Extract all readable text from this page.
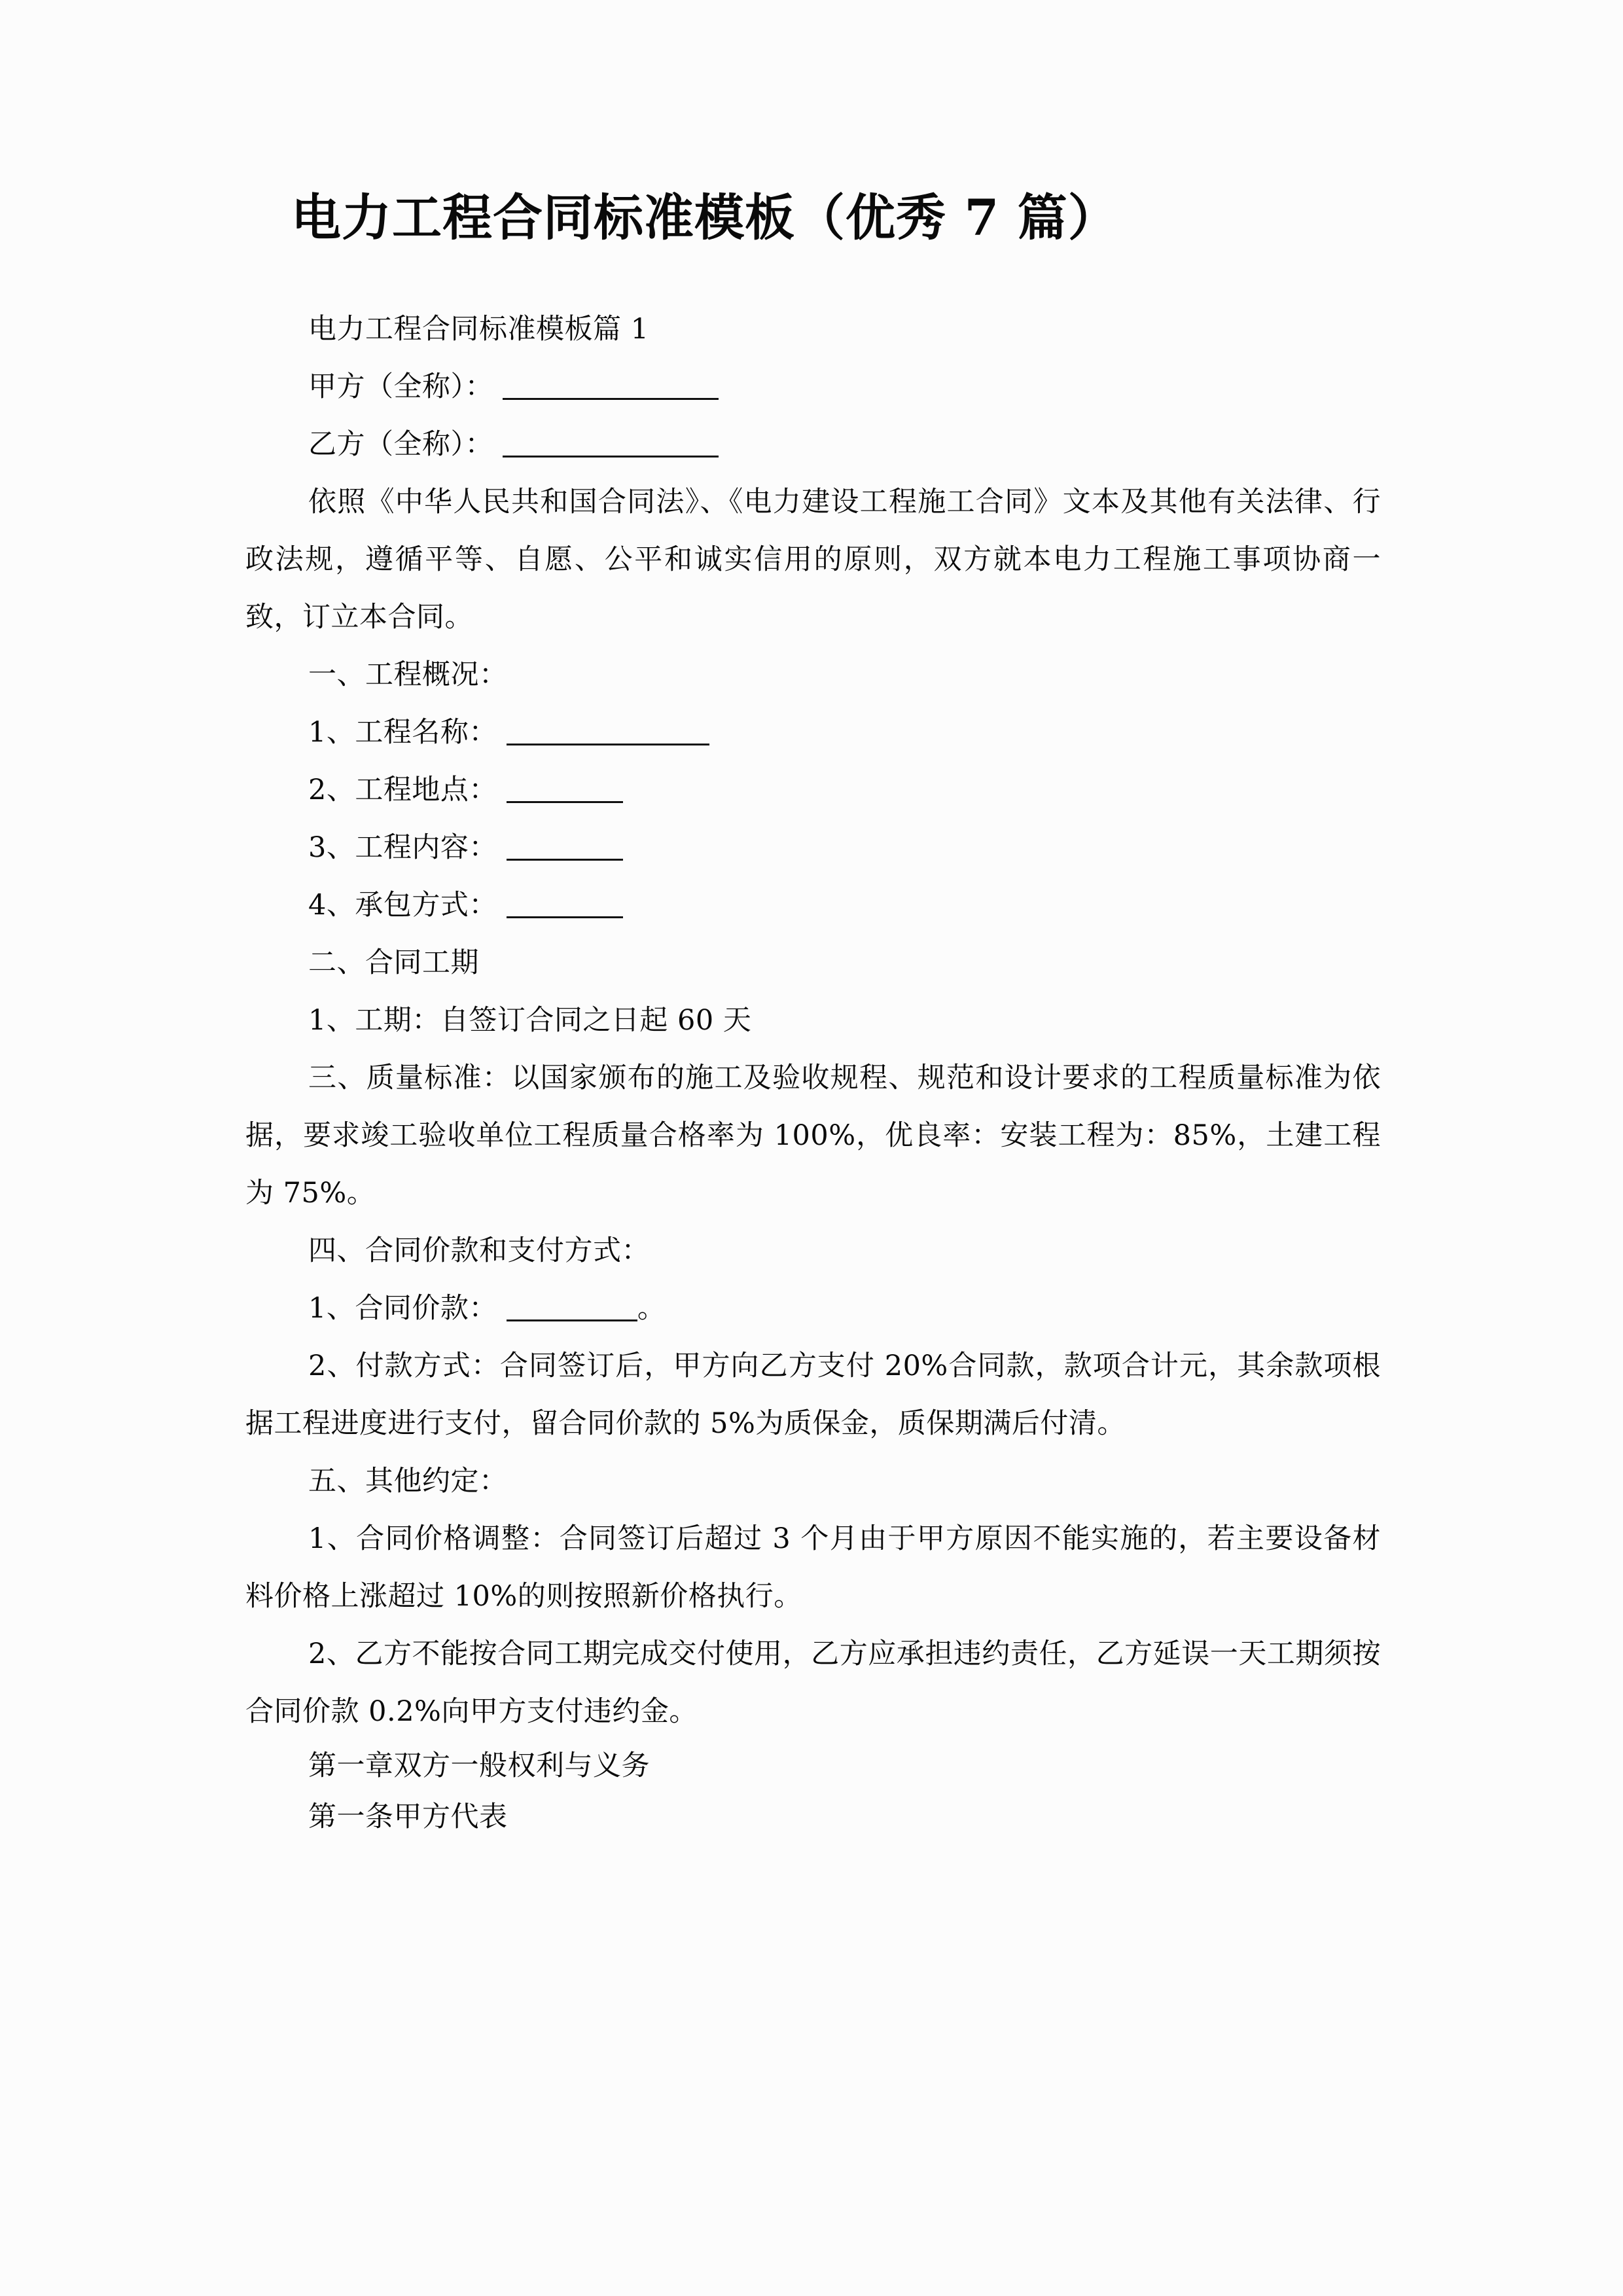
电力工程合同标准模板（优秀 7 篇）

电力工程合同标准模板篇 1

甲方（全称）：

乙方（全称）：

依照《中华人民共和国合同法》、《电力建设工程施工合同》文本及其他有关法律、行政法规，遵循平等、自愿、公平和诚实信用的原则，双方就本电力工程施工事项协商一致，订立本合同。

一、工程概况：

1、工程名称：

2、工程地点：

3、工程内容：

4、承包方式：

二、合同工期

1、工期：自签订合同之日起 60 天

三、质量标准：以国家颁布的施工及验收规程、规范和设计要求的工程质量标准为依据，要求竣工验收单位工程质量合格率为 100%，优良率：安装工程为：85%，土建工程为 75%。

四、合同价款和支付方式：

1、合同价款：	。

2、付款方式：合同签订后，甲方向乙方支付 20%合同款，款项合计元，其余款项根据工程进度进行支付，留合同价款的 5%为质保金，质保期满后付清。

五、其他约定：

1、合同价格调整：合同签订后超过 3 个月由于甲方原因不能实施的，若主要设备材料价格上涨超过 10%的则按照新价格执行。

2、乙方不能按合同工期完成交付使用，乙方应承担违约责任，乙方延误一天工期须按合同价款 0.2%向甲方支付违约金。

第一章双方一般权利与义务

第一条甲方代表
